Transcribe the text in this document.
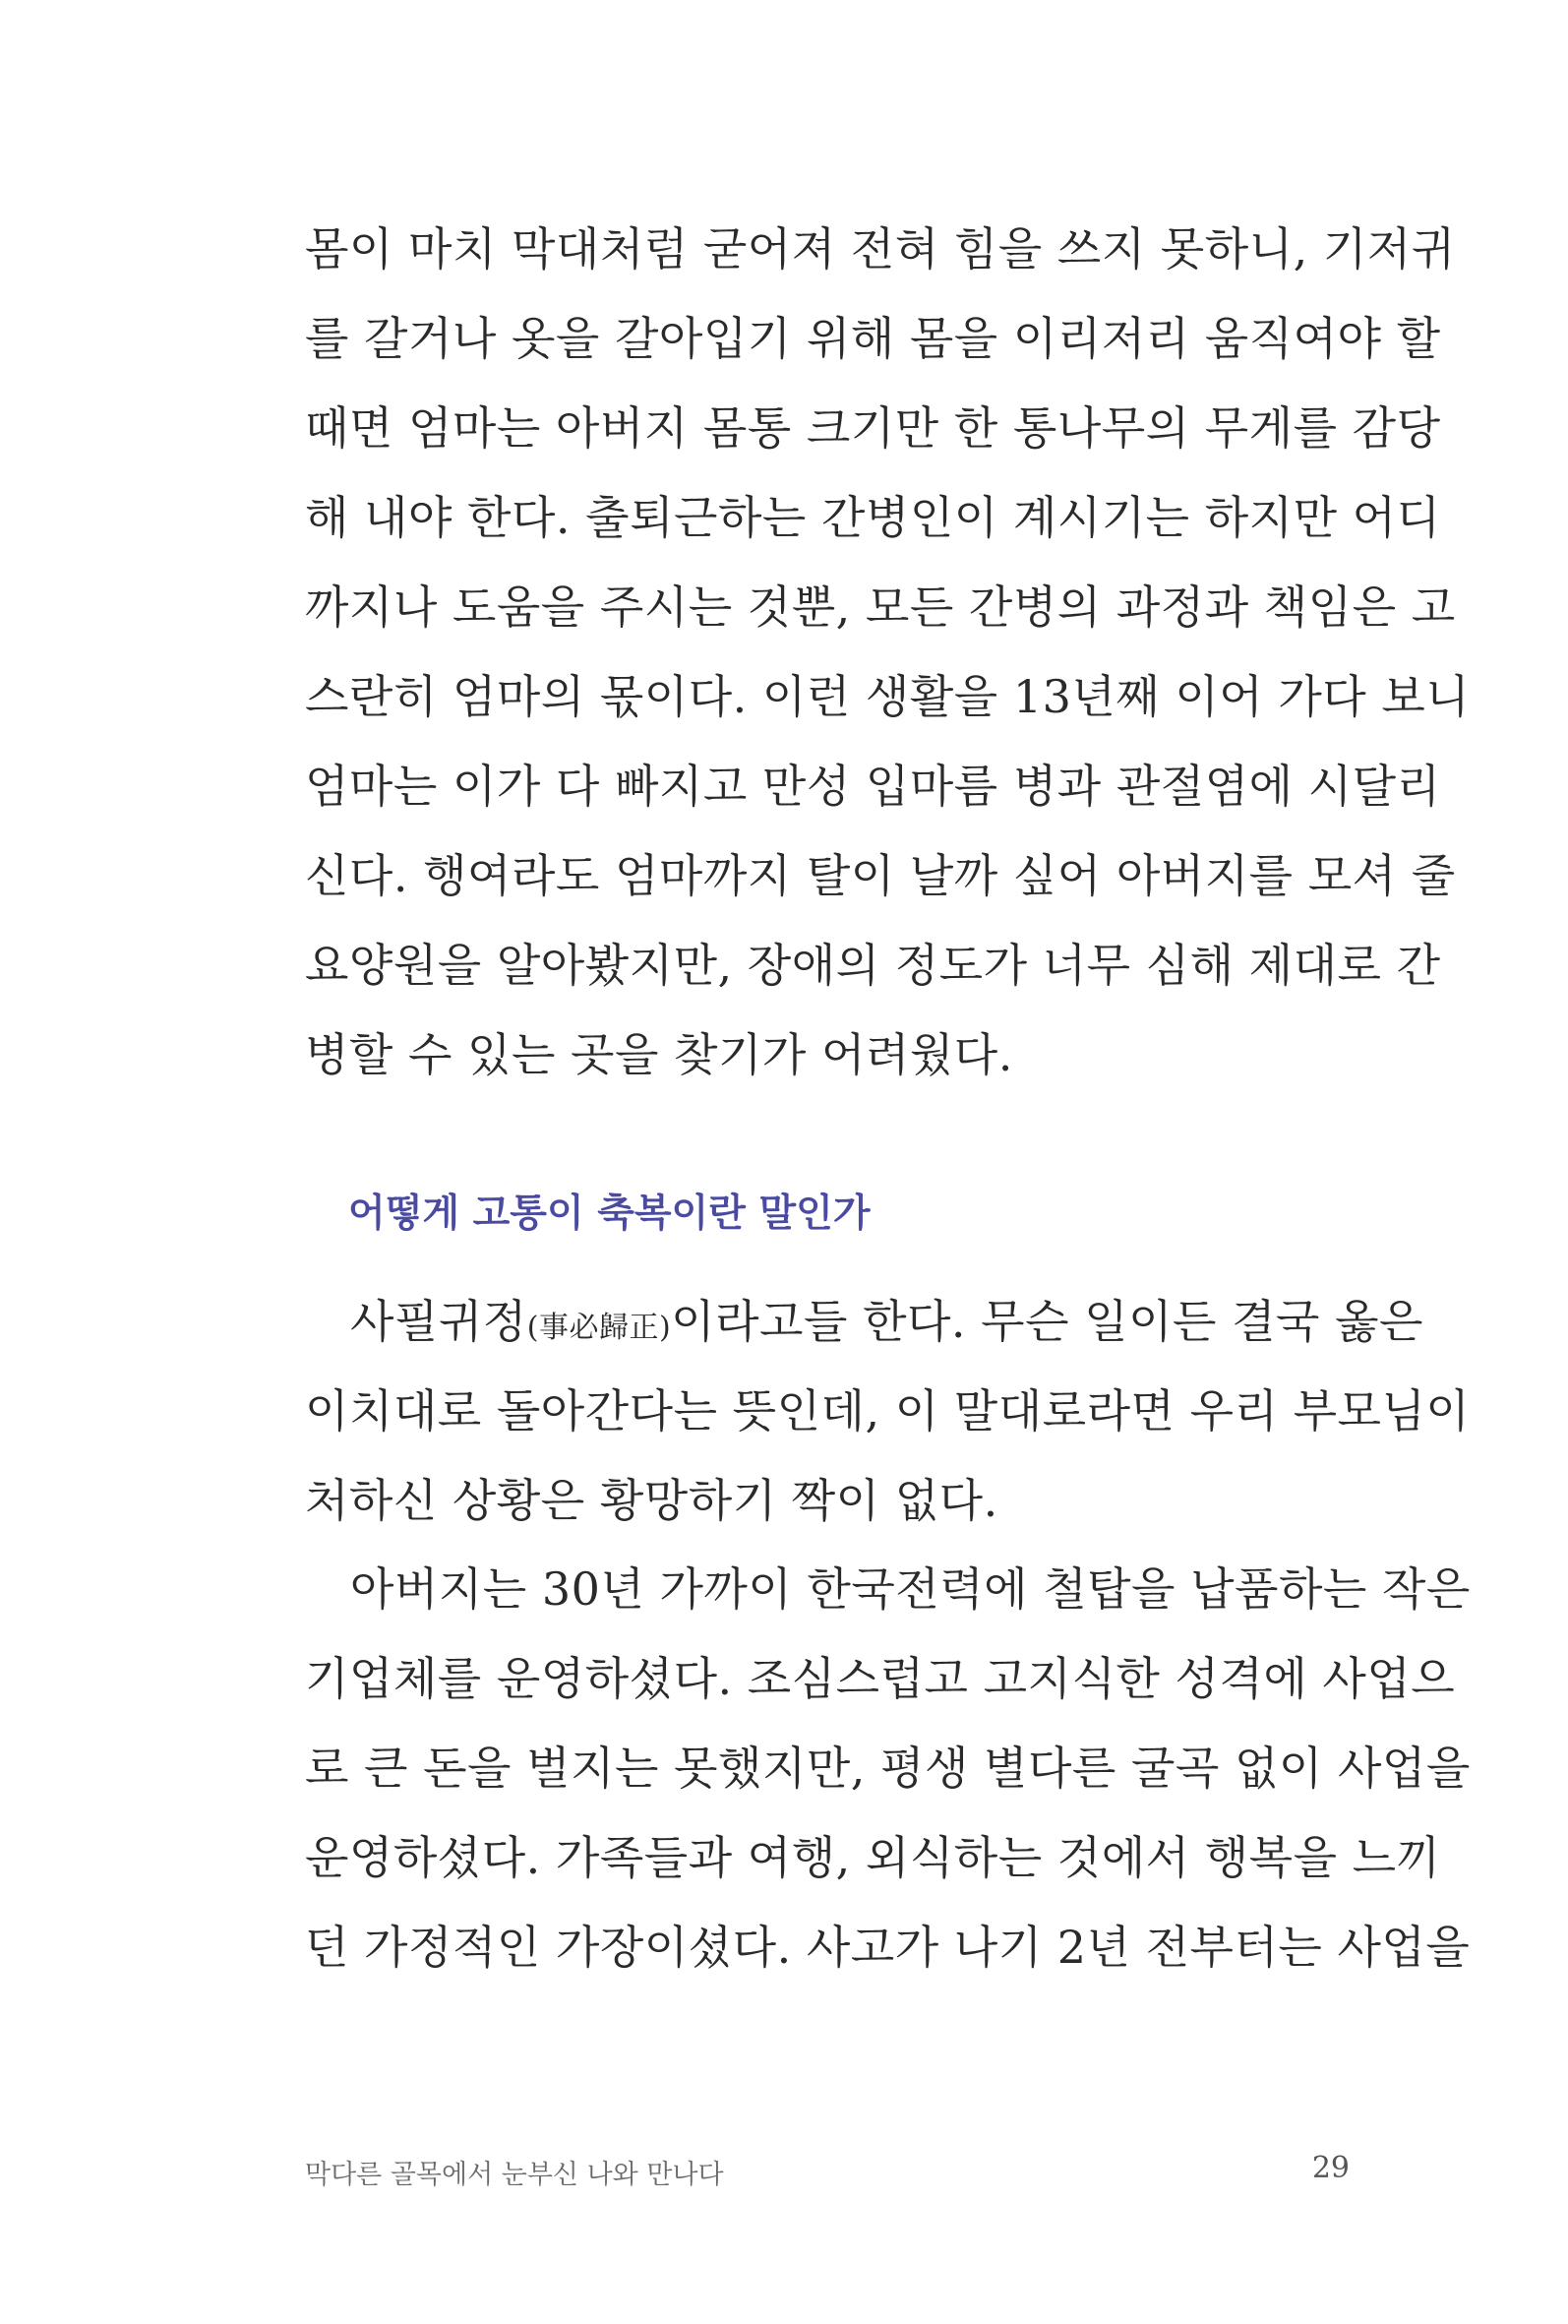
몸이 마치 막대처럼 굳어져 전혀 힘을 쓰지 못하니, 기저귀
를 갈거나 옷을 갈아입기 위해 몸을 이리저리 움직여야 할
때면 엄마는 아버지 몸통 크기만 한 통나무의 무게를 감당
해 내야 한다. 출퇴근하는 간병인이 계시기는 하지만 어디
까지나 도움을 주시는 것뿐, 모든 간병의 과정과 책임은 고
스란히 엄마의 몫이다. 이런 생활을 13년째 이어 가다 보니
엄마는 이가 다 빠지고 만성 입마름 병과 관절염에 시달리
신다. 행여라도 엄마까지 탈이 날까 싶어 아버지를 모셔 줄
요양원을 알아봤지만, 장애의 정도가 너무 심해 제대로 간
병할 수 있는 곳을 찾기가 어려웠다.
어떻게 고통이 축복이란 말인가
사필귀정(事必歸正)이라고들 한다. 무슨 일이든 결국 옳은
이치대로 돌아간다는 뜻인데, 이 말대로라면 우리 부모님이
처하신 상황은 황망하기 짝이 없다.
아버지는 30년 가까이 한국전력에 철탑을 납품하는 작은
기업체를 운영하셨다. 조심스럽고 고지식한 성격에 사업으
로 큰 돈을 벌지는 못했지만, 평생 별다른 굴곡 없이 사업을
운영하셨다. 가족들과 여행, 외식하는 것에서 행복을 느끼
던 가정적인 가장이셨다. 사고가 나기 2년 전부터는 사업을
막다른 골목에서 눈부신 나와 만나다	29
